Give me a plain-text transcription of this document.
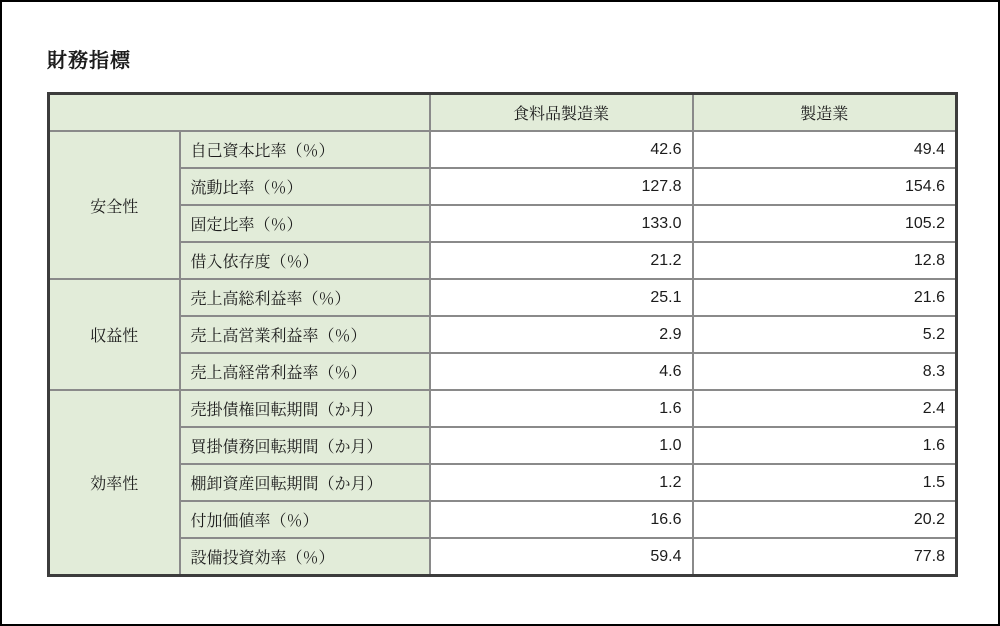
財務指標
		食料品製造業	製造業
安全性	自己資本比率（％）	42.6	49.4
	流動比率（％）	127.8	154.6
	固定比率（％）	133.0	105.2
	借入依存度（％）	21.2	12.8
収益性	売上高総利益率（％）	25.1	21.6
	売上高営業利益率（％）	2.9	5.2
	売上高経常利益率（％）	4.6	8.3
効率性	売掛債権回転期間（か月）	1.6	2.4
	買掛債務回転期間（か月）	1.0	1.6
	棚卸資産回転期間（か月）	1.2	1.5
	付加価値率（％）	16.6	20.2
	設備投資効率（％）	59.4	77.8
